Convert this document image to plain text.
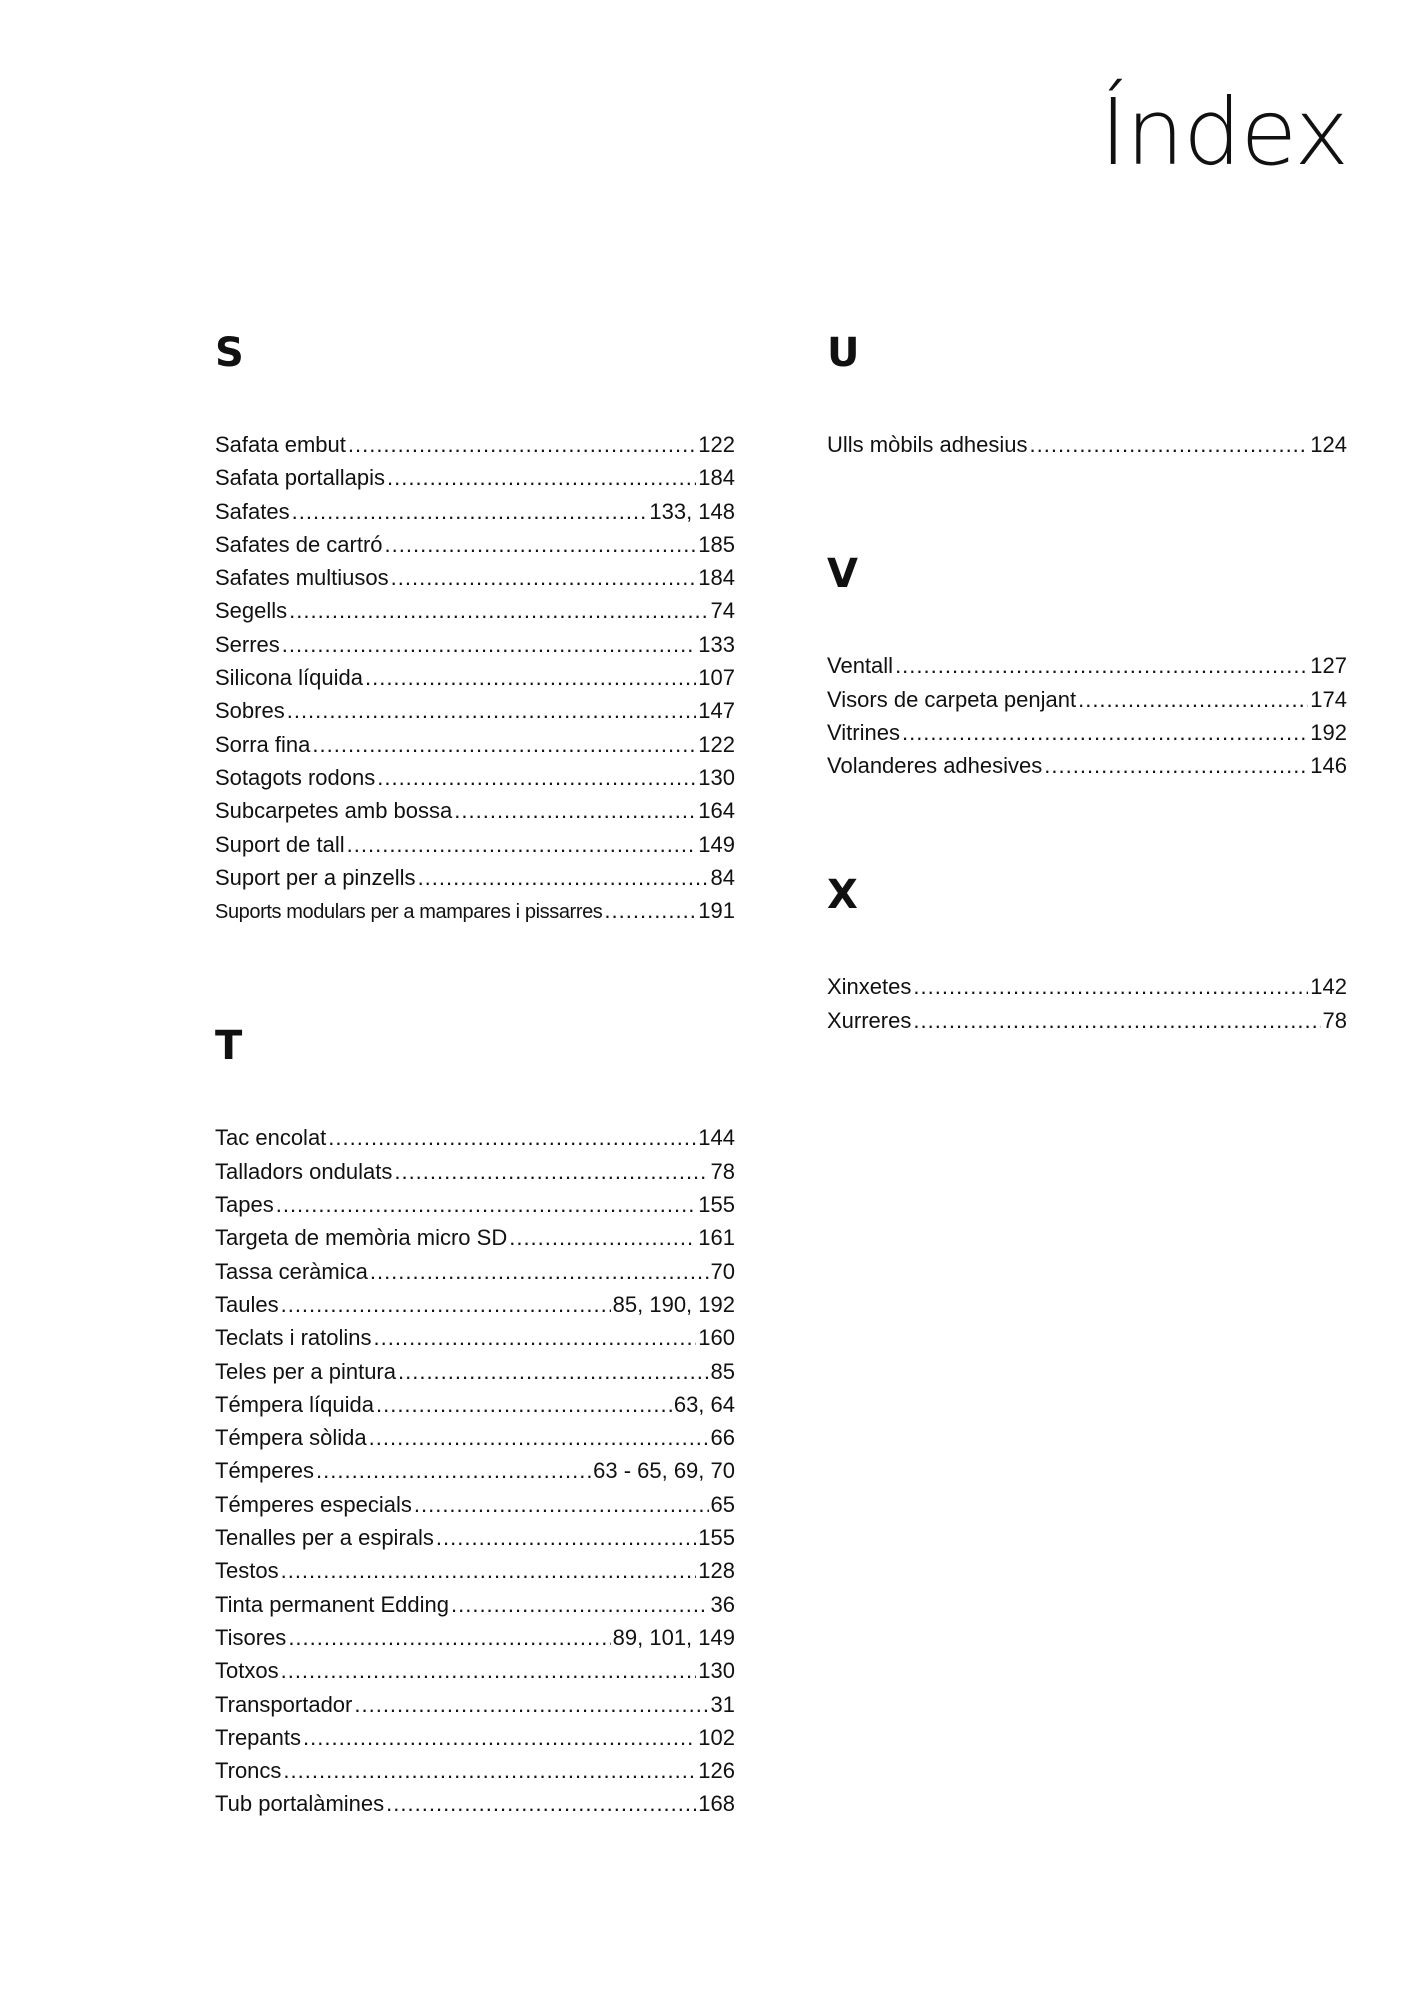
Índex
S
Safata embut .....	122
Safata portallapis .....	184
Safates .....	133, 148
Safates de cartró .....	185
Safates multiusos .....	184
Segells .....	74
Serres .....	133
Silicona líquida .....	107
Sobres .....	147
Sorra fina .....	122
Sotagots rodons .....	130
Subcarpetes amb bossa .....	164
Suport de tall .....	149
Suport per a pinzells .....	84
Suports modulars per a mampares i pissarres .....	191
T
Tac encolat .....	144
Talladors ondulats .....	78
Tapes .....	155
Targeta de memòria micro SD .....	161
Tassa ceràmica .....	70
Taules .....	85, 190, 192
Teclats i ratolins .....	160
Teles per a pintura .....	85
Témpera líquida .....	63, 64
Témpera sòlida .....	66
Témperes .....	63 - 65, 69, 70
Témperes especials .....	65
Tenalles per a espirals .....	155
Testos .....	128
Tinta permanent Edding .....	36
Tisores .....	89, 101, 149
Totxos .....	130
Transportador .....	31
Trepants .....	102
Troncs .....	126
Tub portalàmines .....	168
U
Ulls mòbils adhesius .....	124
V
Ventall .....	127
Visors de carpeta penjant .....	174
Vitrines .....	192
Volanderes adhesives .....	146
X
Xinxetes .....	142
Xurreres .....	78
